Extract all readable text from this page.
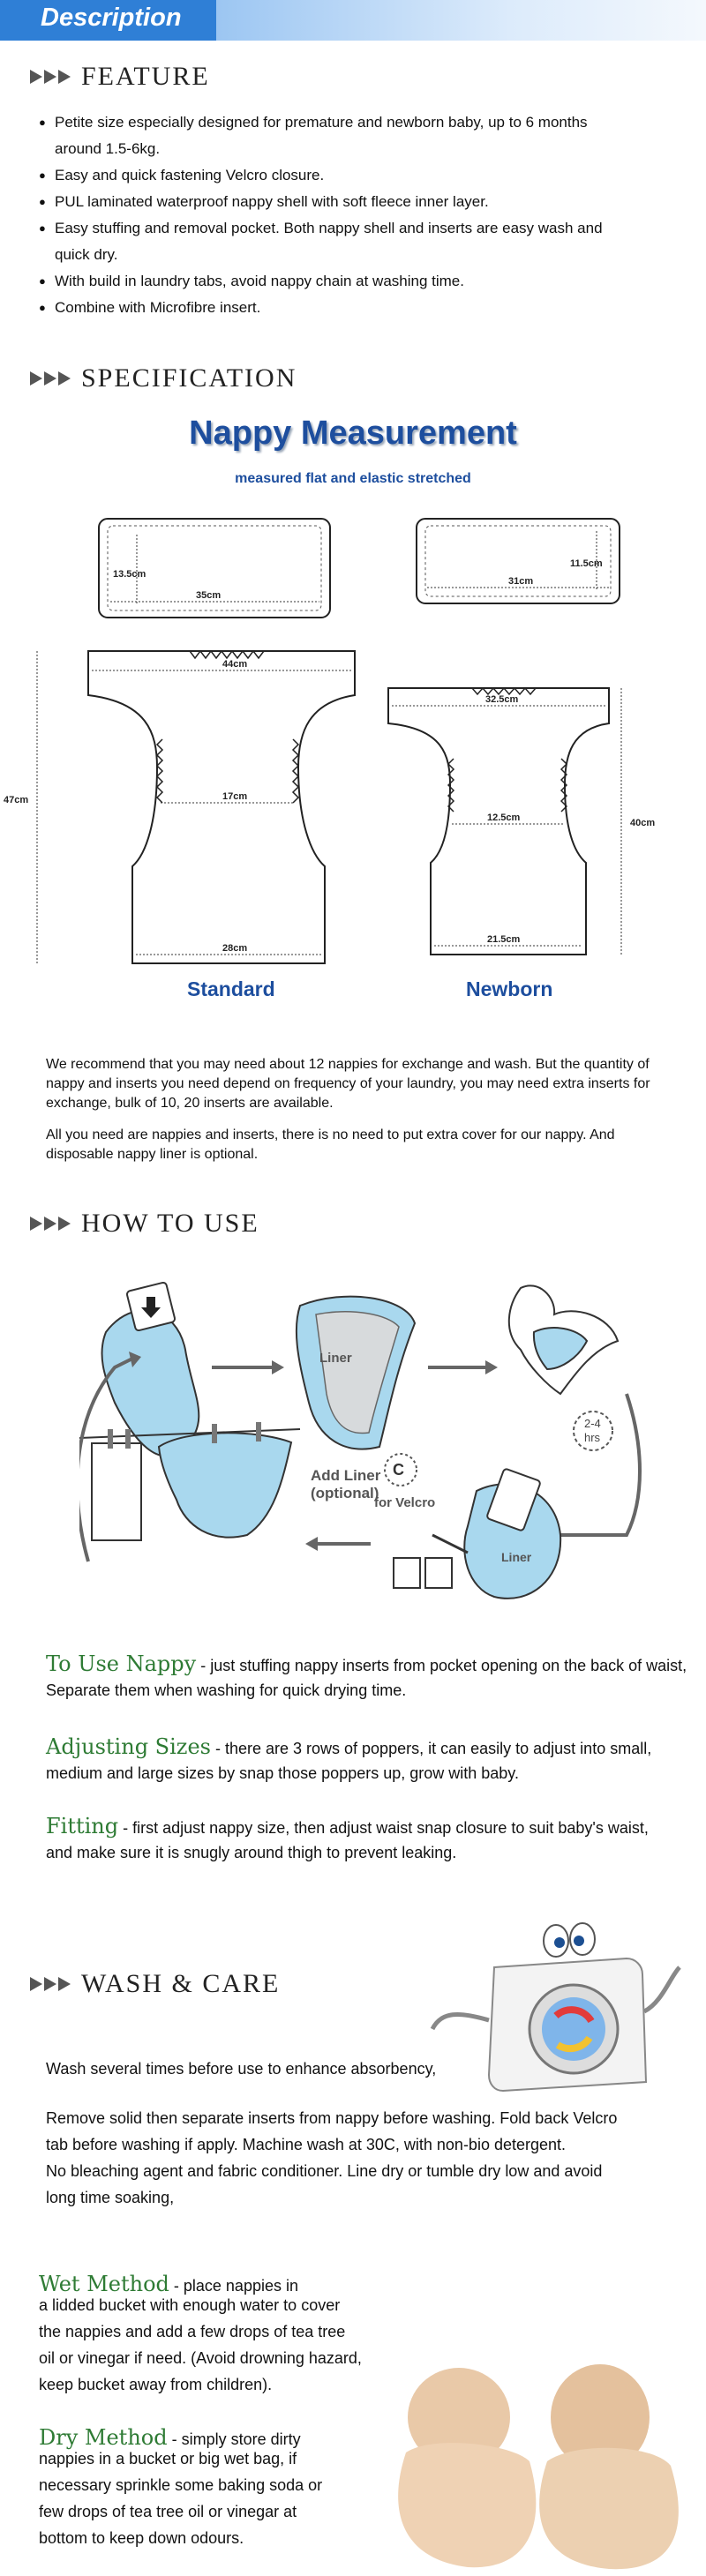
Description
FEATURE
● Petite size especially designed for premature and newborn baby, up to 6 months
around 1.5-6kg.
● Easy and quick fastening Velcro closure.
● PUL laminated waterproof nappy shell with soft fleece inner layer.
● Easy stuffing and removal pocket. Both nappy shell and inserts are easy wash and
quick dry.
● With build in laundry tabs, avoid nappy chain at washing time.
● Combine with Microfibre insert.
SPECIFICATION
Nappy Measurement
measured flat and elastic stretched
13.5cm
35cm
11.5cm
31cm
44cm
17cm
28cm
47cm
32.5cm
12.5cm
21.5cm
40cm
Standard	Newborn
We recommend that you may need about 12 nappies for exchange and wash. But the quantity of nappy and inserts you need depend on frequency of your laundry, you may need extra inserts for exchange, bulk of 10, 20 inserts are available.
All you need are nappies and inserts, there is no need to put extra cover for our nappy. And disposable nappy liner is optional.
HOW TO USE
Liner
Add Liner
(optional)
2-4
hrs
Liner
C
for Velcro
To Use Nappy - just stuffing nappy inserts from pocket opening on the back of waist,
Separate them when washing for quick drying time.
Adjusting Sizes - there are 3 rows of poppers, it can easily to adjust into small,
medium and large sizes by snap those poppers up, grow with baby.
Fitting - first adjust nappy size, then adjust waist snap closure to suit baby's waist,
and make sure it is snugly around thigh to prevent leaking.
WASH & CARE
Wash several times before use to enhance absorbency,
Remove solid then separate inserts from nappy before washing. Fold back Velcro
tab before washing if apply. Machine wash at 30C, with non-bio detergent.
No bleaching agent and fabric conditioner. Line dry or tumble dry low and avoid
long time soaking,
Wet Method - place nappies in
a lidded bucket with enough water to cover
the nappies and add a few drops of tea tree
oil or vinegar if need. (Avoid drowning hazard,
keep bucket away from children).
Dry Method - simply store dirty
nappies in a bucket or big wet bag, if
necessary sprinkle some baking soda or
few drops of tea tree oil or vinegar at
bottom to keep down odours.
